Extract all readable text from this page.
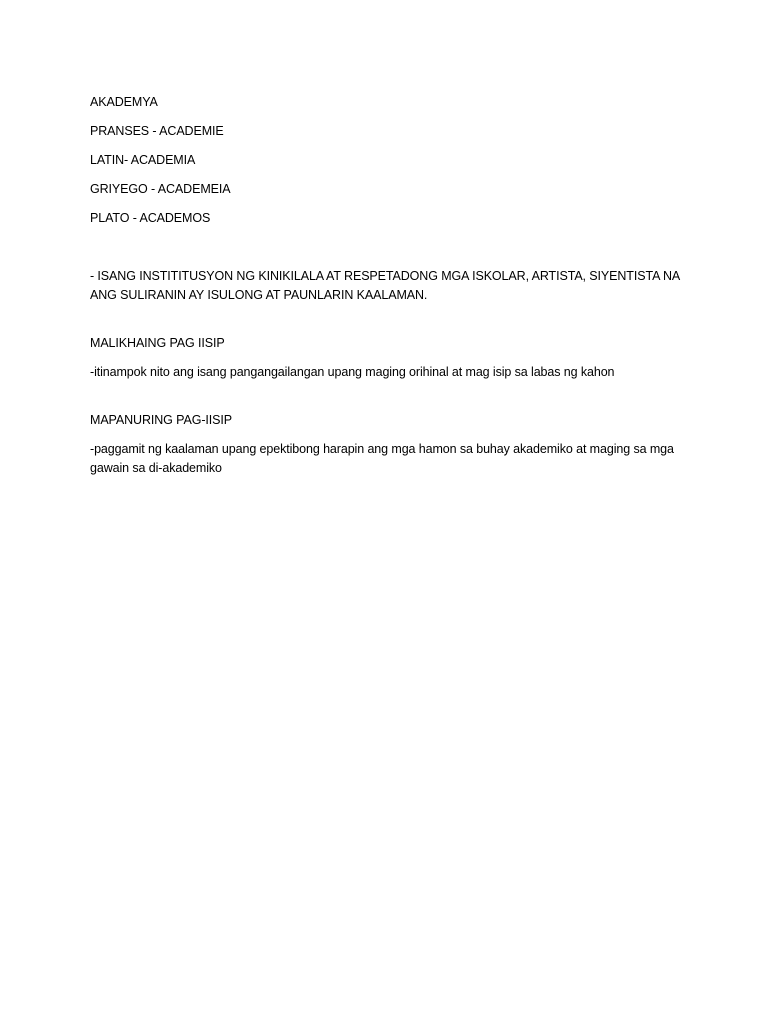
AKADEMYA

PRANSES - ACADEMIE

LATIN- ACADEMIA

GRIYEGO - ACADEMEIA

PLATO - ACADEMOS

- ISANG INSTITITUSYON NG KINIKILALA AT RESPETADONG MGA ISKOLAR, ARTISTA, SIYENTISTA NA ANG SULIRANIN AY ISULONG AT PAUNLARIN KAALAMAN.

MALIKHAING PAG IISIP

-itinampok nito ang isang pangangailangan upang maging orihinal at mag isip sa labas ng kahon

MAPANURING PAG-IISIP

-paggamit ng kaalaman upang epektibong harapin ang mga hamon sa buhay akademiko at maging sa mga gawain sa di-akademiko
